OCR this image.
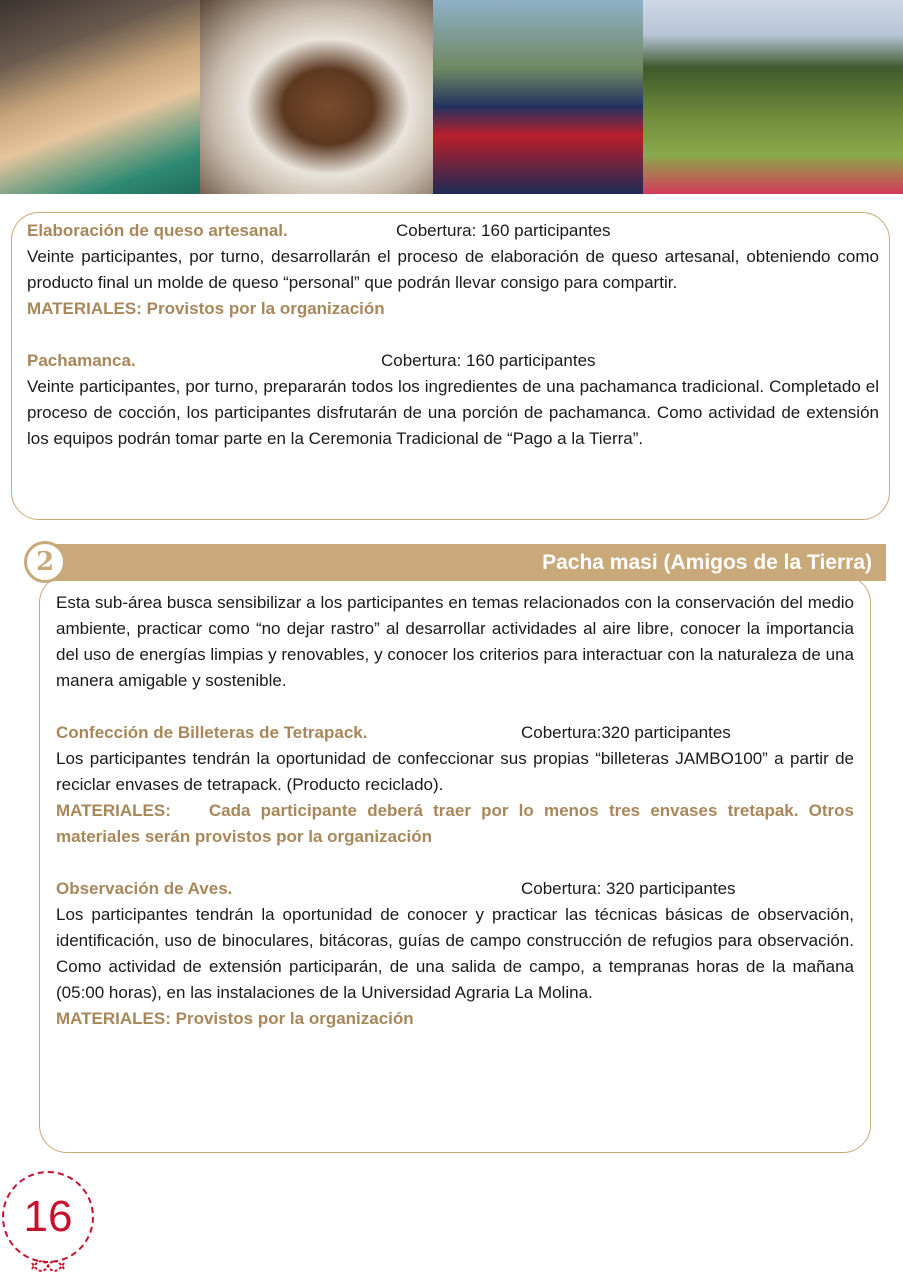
Elaboración de queso artesanal.	Cobertura: 160 participantes

Veinte participantes, por turno, desarrollarán el proceso de elaboración de queso artesanal, obteniendo como producto final un molde de queso “personal” que podrán llevar consigo para compartir.

MATERIALES: Provistos por la organización

Pachamanca.	Cobertura: 160 participantes

Veinte participantes, por turno, prepararán todos los ingredientes de una pachamanca tradicional. Completado el proceso de cocción, los participantes disfrutarán de una porción de pachamanca. Como actividad de extensión los equipos podrán tomar parte en la Ceremonia Tradicional de “Pago a la Tierra”.

Pacha masi (Amigos de la Tierra)
2

Esta sub-área busca sensibilizar a los participantes en temas relacionados con la conservación del medio ambiente, practicar como “no dejar rastro” al desarrollar actividades al aire libre, conocer la importancia del uso de energías limpias y renovables, y conocer los criterios para interactuar con la naturaleza de una manera amigable y sostenible.

Confección de Billeteras de Tetrapack.	Cobertura:320 participantes

Los participantes tendrán la oportunidad de confeccionar sus propias “billeteras JAMBO100” a partir de reciclar envases de tetrapack. (Producto reciclado).

MATERIALES: Cada participante deberá traer por lo menos tres envases tretapak. Otros materiales serán provistos por la organización

Observación de Aves.	Cobertura: 320 participantes

Los participantes tendrán la oportunidad de conocer y practicar las técnicas básicas de observación, identificación, uso de binoculares, bitácoras, guías de campo construcción de refugios para observación. Como actividad de extensión participarán, de una salida de campo, a tempranas horas de la mañana (05:00 horas), en las instalaciones de la Universidad Agraria La Molina.

MATERIALES: Provistos por la organización

16
